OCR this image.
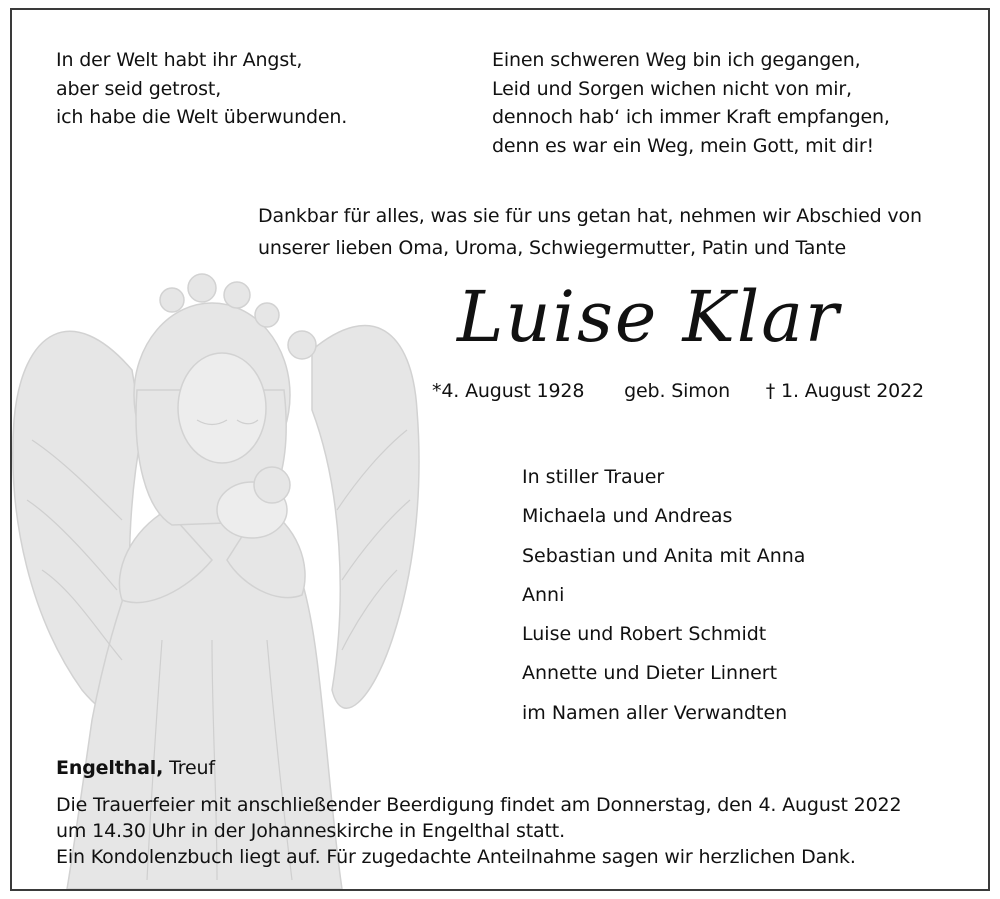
In der Welt habt ihr Angst,
aber seid getrost,
ich habe die Welt überwunden.
Einen schweren Weg bin ich gegangen,
Leid und Sorgen wichen nicht von mir,
dennoch hab‘ ich immer Kraft empfangen,
denn es war ein Weg, mein Gott, mit dir!
Dankbar für alles, was sie für uns getan hat, nehmen wir Abschied von
unserer lieben Oma, Uroma, Schwiegermutter, Patin und Tante
Luise Klar
*4. August 1928 geb. Simon † 1. August 2022
In stiller Trauer
Michaela und Andreas
Sebastian und Anita mit Anna
Anni
Luise und Robert Schmidt
Annette und Dieter Linnert
im Namen aller Verwandten
Engelthal, Treuf
Die Trauerfeier mit anschließender Beerdigung findet am Donnerstag, den 4. August 2022
um 14.30 Uhr in der Johanneskirche in Engelthal statt.
Ein Kondolenzbuch liegt auf. Für zugedachte Anteilnahme sagen wir herzlichen Dank.
